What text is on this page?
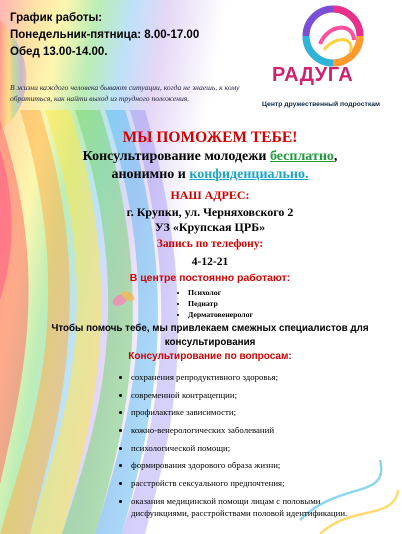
График работы:
Понедельник-пятница: 8.00-17.00
Обед 13.00-14.00.
В жизни каждого человека бывают ситуации, когда не знаешь, к кому обратиться, как найти выход из трудного положения.
РАДУГА
Центр дружественный подросткам
МЫ ПОМОЖЕМ ТЕБЕ!
Консультирование молодежи бесплатно,
анонимно и конфиденциально.
НАШ АДРЕС:
г. Крупки, ул. Черняховского 2
УЗ «Крупская ЦРБ»
Запись по телефону:
4-12-21
В центре постоянно работают:
• Психолог
• Педиатр
• Дерматовенеролог
Чтобы помочь тебе, мы привлекаем смежных специалистов для
консультирования
Консультирование по вопросам:
• сохранения репродуктивного здоровья;
• современной контрацепции;
• профилактике зависимости;
• кожно-венерологических заболеваний
• психологической помощи;
• формирования здорового образа жизни;
• расстройств сексуального предпочтения;
• оказания медицинской помощи лицам с половыми дисфункциями, расстройствами половой идентификации.
